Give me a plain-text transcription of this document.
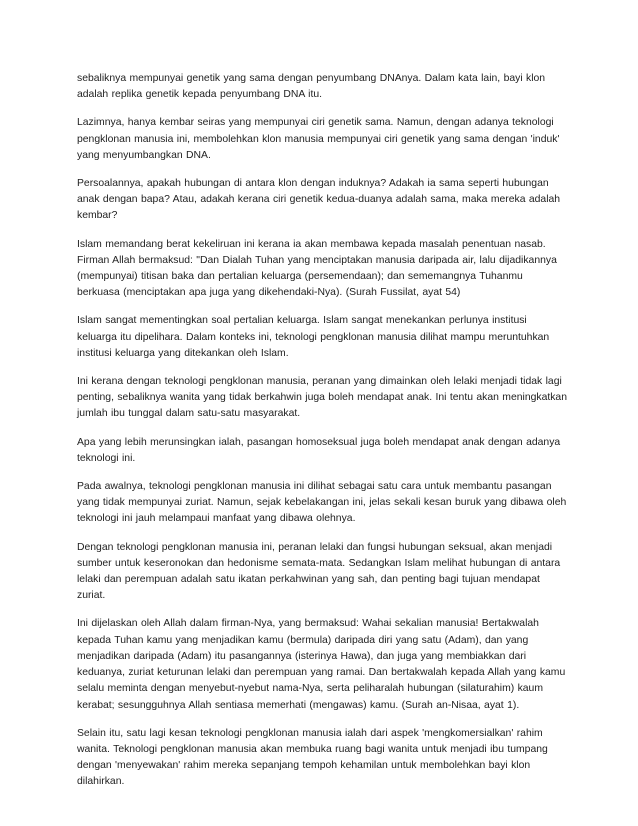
sebaliknya mempunyai genetik yang sama dengan penyumbang DNAnya. Dalam kata lain, bayi klon
adalah replika genetik kepada penyumbang DNA itu.

Lazimnya, hanya kembar seiras yang mempunyai ciri genetik sama. Namun, dengan adanya teknologi
pengklonan manusia ini, membolehkan klon manusia mempunyai ciri genetik yang sama dengan 'induk'
yang menyumbangkan DNA.

Persoalannya, apakah hubungan di antara klon dengan induknya? Adakah ia sama seperti hubungan
anak dengan bapa? Atau, adakah kerana ciri genetik kedua-duanya adalah sama, maka mereka adalah
kembar?

Islam memandang berat kekeliruan ini kerana ia akan membawa kepada masalah penentuan nasab.
Firman Allah bermaksud: "Dan Dialah Tuhan yang menciptakan manusia daripada air, lalu dijadikannya
(mempunyai) titisan baka dan pertalian keluarga (persemendaan); dan sememangnya Tuhanmu
berkuasa (menciptakan apa juga yang dikehendaki-Nya). (Surah Fussilat, ayat 54)

Islam sangat mementingkan soal pertalian keluarga. Islam sangat menekankan perlunya institusi
keluarga itu dipelihara. Dalam konteks ini, teknologi pengklonan manusia dilihat mampu meruntuhkan
institusi keluarga yang ditekankan oleh Islam.

Ini kerana dengan teknologi pengklonan manusia, peranan yang dimainkan oleh lelaki menjadi tidak lagi
penting, sebaliknya wanita yang tidak berkahwin juga boleh mendapat anak. Ini tentu akan meningkatkan
jumlah ibu tunggal dalam satu-satu masyarakat.

Apa yang lebih merunsingkan ialah, pasangan homoseksual juga boleh mendapat anak dengan adanya
teknologi ini.

Pada awalnya, teknologi pengklonan manusia ini dilihat sebagai satu cara untuk membantu pasangan
yang tidak mempunyai zuriat. Namun, sejak kebelakangan ini, jelas sekali kesan buruk yang dibawa oleh
teknologi ini jauh melampaui manfaat yang dibawa olehnya.

Dengan teknologi pengklonan manusia ini, peranan lelaki dan fungsi hubungan seksual, akan menjadi
sumber untuk keseronokan dan hedonisme semata-mata. Sedangkan Islam melihat hubungan di antara
lelaki dan perempuan adalah satu ikatan perkahwinan yang sah, dan penting bagi tujuan mendapat
zuriat.

Ini dijelaskan oleh Allah dalam firman-Nya, yang bermaksud: Wahai sekalian manusia! Bertakwalah
kepada Tuhan kamu yang menjadikan kamu (bermula) daripada diri yang satu (Adam), dan yang
menjadikan daripada (Adam) itu pasangannya (isterinya Hawa), dan juga yang membiakkan dari
keduanya, zuriat keturunan lelaki dan perempuan yang ramai. Dan bertakwalah kepada Allah yang kamu
selalu meminta dengan menyebut-nyebut nama-Nya, serta peliharalah hubungan (silaturahim) kaum
kerabat; sesungguhnya Allah sentiasa memerhati (mengawas) kamu. (Surah an-Nisaa, ayat 1).

Selain itu, satu lagi kesan teknologi pengklonan manusia ialah dari aspek 'mengkomersialkan' rahim
wanita. Teknologi pengklonan manusia akan membuka ruang bagi wanita untuk menjadi ibu tumpang
dengan 'menyewakan' rahim mereka sepanjang tempoh kehamilan untuk membolehkan bayi klon
dilahirkan.
